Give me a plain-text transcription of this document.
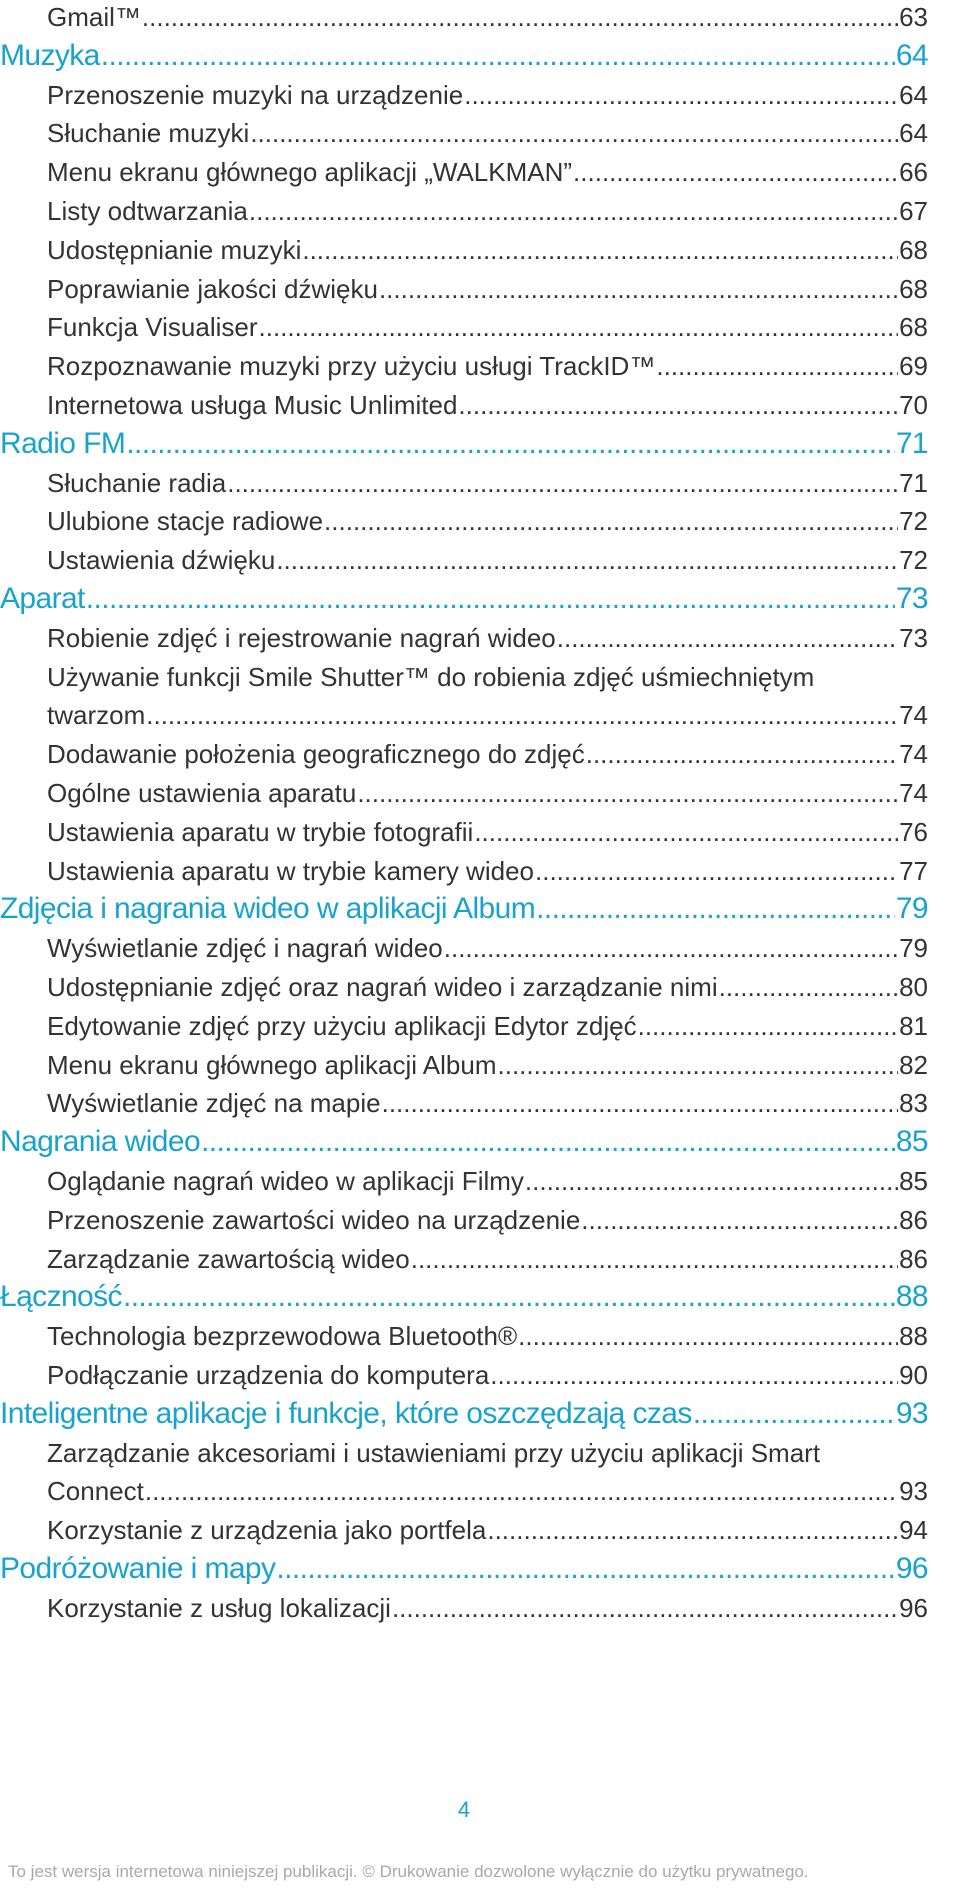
Gmail™ .....	63
Muzyka .....	64
Przenoszenie muzyki na urządzenie .....	64
Słuchanie muzyki .....	64
Menu ekranu głównego aplikacji „WALKMAN” .....	66
Listy odtwarzania .....	67
Udostępnianie muzyki .....	68
Poprawianie jakości dźwięku .....	68
Funkcja Visualiser .....	68
Rozpoznawanie muzyki przy użyciu usługi TrackID™ .....	69
Internetowa usługa Music Unlimited .....	70
Radio FM .....	71
Słuchanie radia .....	71
Ulubione stacje radiowe .....	72
Ustawienia dźwięku .....	72
Aparat .....	73
Robienie zdjęć i rejestrowanie nagrań wideo .....	73
Używanie funkcji Smile Shutter™ do robienia zdjęć uśmiechniętym
twarzom .....	74
Dodawanie położenia geograficznego do zdjęć .....	74
Ogólne ustawienia aparatu .....	74
Ustawienia aparatu w trybie fotografii .....	76
Ustawienia aparatu w trybie kamery wideo .....	77
Zdjęcia i nagrania wideo w aplikacji Album .....	79
Wyświetlanie zdjęć i nagrań wideo .....	79
Udostępnianie zdjęć oraz nagrań wideo i zarządzanie nimi .....	80
Edytowanie zdjęć przy użyciu aplikacji Edytor zdjęć .....	81
Menu ekranu głównego aplikacji Album .....	82
Wyświetlanie zdjęć na mapie .....	83
Nagrania wideo .....	85
Oglądanie nagrań wideo w aplikacji Filmy .....	85
Przenoszenie zawartości wideo na urządzenie .....	86
Zarządzanie zawartością wideo .....	86
Łączność .....	88
Technologia bezprzewodowa Bluetooth® .....	88
Podłączanie urządzenia do komputera .....	90
Inteligentne aplikacje i funkcje, które oszczędzają czas .....	93
Zarządzanie akcesoriami i ustawieniami przy użyciu aplikacji Smart
Connect .....	93
Korzystanie z urządzenia jako portfela .....	94
Podróżowanie i mapy .....	96
Korzystanie z usług lokalizacji .....	96
4
To jest wersja internetowa niniejszej publikacji. © Drukowanie dozwolone wyłącznie do użytku prywatnego.
